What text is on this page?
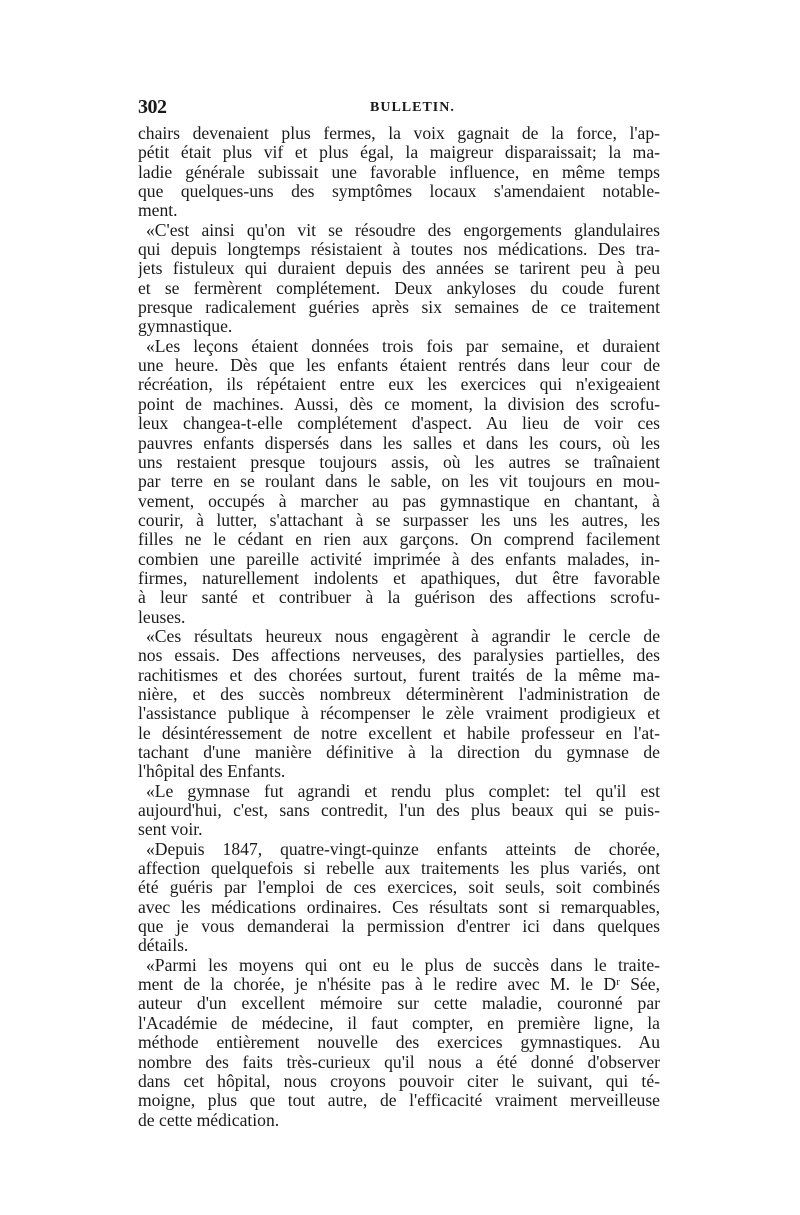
302	BULLETIN.
chairs devenaient plus fermes, la voix gagnait de la force, l'ap-
pétit était plus vif et plus égal, la maigreur disparaissait; la ma-
ladie générale subissait une favorable influence, en même temps
que quelques-uns des symptômes locaux s'amendaient notable-
ment.
«C'est ainsi qu'on vit se résoudre des engorgements glandulaires
qui depuis longtemps résistaient à toutes nos médications. Des tra-
jets fistuleux qui duraient depuis des années se tarirent peu à peu
et se fermèrent complétement. Deux ankyloses du coude furent
presque radicalement guéries après six semaines de ce traitement
gymnastique.
«Les leçons étaient données trois fois par semaine, et duraient
une heure. Dès que les enfants étaient rentrés dans leur cour de
récréation, ils répétaient entre eux les exercices qui n'exigeaient
point de machines. Aussi, dès ce moment, la division des scrofu-
leux changea-t-elle complétement d'aspect. Au lieu de voir ces
pauvres enfants dispersés dans les salles et dans les cours, où les
uns restaient presque toujours assis, où les autres se traînaient
par terre en se roulant dans le sable, on les vit toujours en mou-
vement, occupés à marcher au pas gymnastique en chantant, à
courir, à lutter, s'attachant à se surpasser les uns les autres, les
filles ne le cédant en rien aux garçons. On comprend facilement
combien une pareille activité imprimée à des enfants malades, in-
firmes, naturellement indolents et apathiques, dut être favorable
à leur santé et contribuer à la guérison des affections scrofu-
leuses.
«Ces résultats heureux nous engagèrent à agrandir le cercle de
nos essais. Des affections nerveuses, des paralysies partielles, des
rachitismes et des chorées surtout, furent traités de la même ma-
nière, et des succès nombreux déterminèrent l'administration de
l'assistance publique à récompenser le zèle vraiment prodigieux et
le désintéressement de notre excellent et habile professeur en l'at-
tachant d'une manière définitive à la direction du gymnase de
l'hôpital des Enfants.
«Le gymnase fut agrandi et rendu plus complet: tel qu'il est
aujourd'hui, c'est, sans contredit, l'un des plus beaux qui se puis-
sent voir.
«Depuis 1847, quatre-vingt-quinze enfants atteints de chorée,
affection quelquefois si rebelle aux traitements les plus variés, ont
été guéris par l'emploi de ces exercices, soit seuls, soit combinés
avec les médications ordinaires. Ces résultats sont si remarquables,
que je vous demanderai la permission d'entrer ici dans quelques
détails.
«Parmi les moyens qui ont eu le plus de succès dans le traite-
ment de la chorée, je n'hésite pas à le redire avec M. le Dʳ Sée,
auteur d'un excellent mémoire sur cette maladie, couronné par
l'Académie de médecine, il faut compter, en première ligne, la
méthode entièrement nouvelle des exercices gymnastiques. Au
nombre des faits très-curieux qu'il nous a été donné d'observer
dans cet hôpital, nous croyons pouvoir citer le suivant, qui té-
moigne, plus que tout autre, de l'efficacité vraiment merveilleuse
de cette médication.
